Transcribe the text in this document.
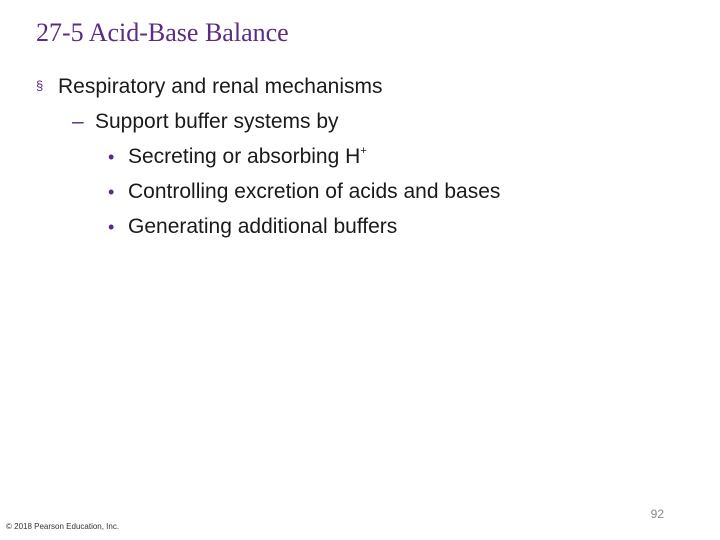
27-5 Acid-Base Balance
§ Respiratory and renal mechanisms
– Support buffer systems by
• Secreting or absorbing H+
• Controlling excretion of acids and bases
• Generating additional buffers
92
© 2018 Pearson Education, Inc.
